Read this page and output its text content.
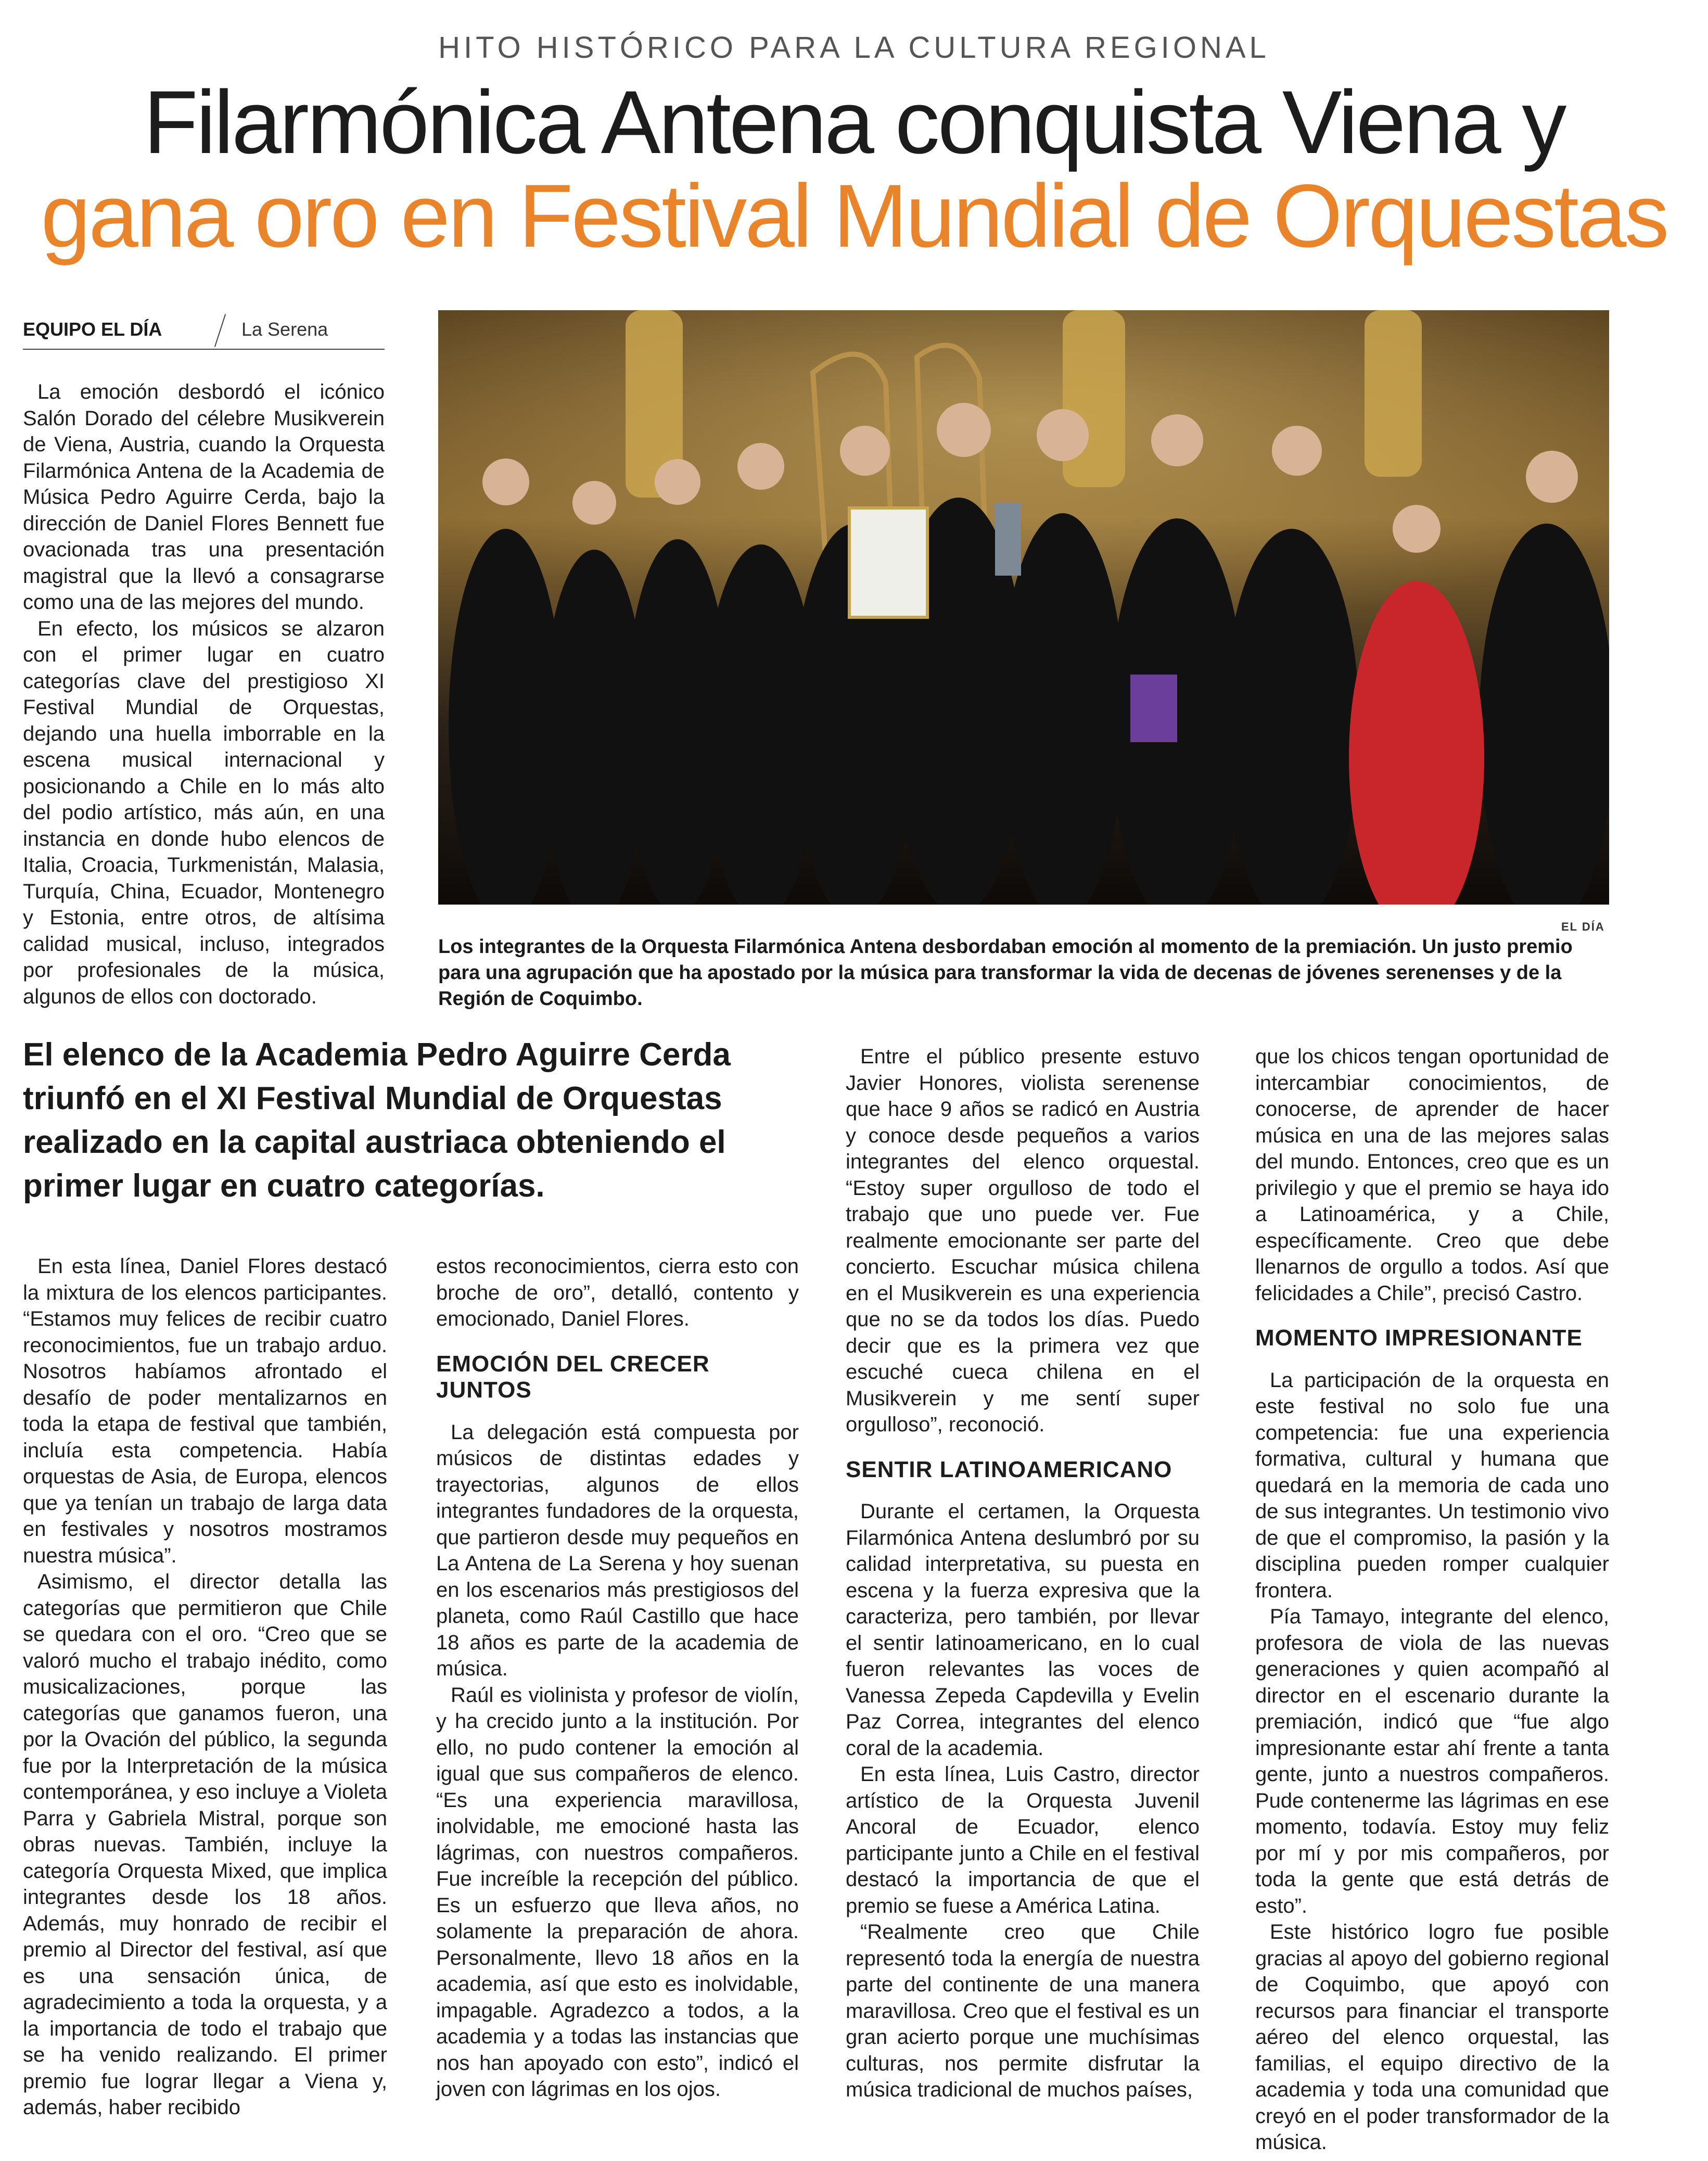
HITO HISTÓRICO PARA LA CULTURA REGIONAL
Filarmónica Antena conquista Viena y
gana oro en Festival Mundial de Orquestas
EQUIPO EL DÍA	La Serena

La emoción desbordó el icónico Salón Dorado del célebre Musikverein de Viena, Austria, cuando la Orquesta Filarmónica Antena de la Academia de Música Pedro Aguirre Cerda, bajo la dirección de Daniel Flores Bennett fue ovacionada tras una presentación magistral que la llevó a consagrarse como una de las mejores del mundo.

En efecto, los músicos se alzaron con el primer lugar en cuatro categorías clave del prestigioso XI Festival Mundial de Orquestas, dejando una huella imborrable en la escena musical internacional y posicionando a Chile en lo más alto del podio artístico, más aún, en una instancia en donde hubo elencos de Italia, Croacia, Turkmenistán, Malasia, Turquía, China, Ecuador, Montenegro y Estonia, entre otros, de altísima calidad musical, incluso, integrados por profesionales de la música, algunos de ellos con doctorado.

EL DÍA
Los integrantes de la Orquesta Filarmónica Antena desbordaban emoción al momento de la premiación. Un justo premio para una agrupación que ha apostado por la música para transformar la vida de decenas de jóvenes serenenses y de la Región de Coquimbo.
El elenco de la Academia Pedro Aguirre Cerda triunfó en el XI Festival Mundial de Orquestas realizado en la capital austriaca obteniendo el primer lugar en cuatro categorías.

En esta línea, Daniel Flores destacó la mixtura de los elencos participantes. “Estamos muy felices de recibir cuatro reconocimientos, fue un trabajo arduo. Nosotros habíamos afrontado el desafío de poder mentalizarnos en toda la etapa de festival que también, incluía esta competencia. Había orquestas de Asia, de Europa, elencos que ya tenían un trabajo de larga data en festivales y nosotros mostramos nuestra música”.

Asimismo, el director detalla las categorías que permitieron que Chile se quedara con el oro. “Creo que se valoró mucho el trabajo inédito, como musicalizaciones, porque las categorías que ganamos fueron, una por la Ovación del público, la segunda fue por la Interpretación de la música contemporánea, y eso incluye a Violeta Parra y Gabriela Mistral, porque son obras nuevas. También, incluye la categoría Orquesta Mixed, que implica integrantes desde los 18 años. Además, muy honrado de recibir el premio al Director del festival, así que es una sensación única, de agradecimiento a toda la orquesta, y a la importancia de todo el trabajo que se ha venido realizando. El primer premio fue lograr llegar a Viena y, además, haber recibido

estos reconocimientos, cierra esto con broche de oro”, detalló, contento y emocionado, Daniel Flores.

EMOCIÓN DEL CRECER JUNTOS

La delegación está compuesta por músicos de distintas edades y trayectorias, algunos de ellos integrantes fundadores de la orquesta, que partieron desde muy pequeños en La Antena de La Serena y hoy suenan en los escenarios más prestigiosos del planeta, como Raúl Castillo que hace 18 años es parte de la academia de música.

Raúl es violinista y profesor de violín, y ha crecido junto a la institución. Por ello, no pudo contener la emoción al igual que sus compañeros de elenco. “Es una experiencia maravillosa, inolvidable, me emocioné hasta las lágrimas, con nuestros compañeros. Fue increíble la recepción del público. Es un esfuerzo que lleva años, no solamente la preparación de ahora. Personalmente, llevo 18 años en la academia, así que esto es inolvidable, impagable. Agradezco a todos, a la academia y a todas las instancias que nos han apoyado con esto”, indicó el joven con lágrimas en los ojos.

Entre el público presente estuvo Javier Honores, violista serenense que hace 9 años se radicó en Austria y conoce desde pequeños a varios integrantes del elenco orquestal. “Estoy super orgulloso de todo el trabajo que uno puede ver. Fue realmente emocionante ser parte del concierto. Escuchar música chilena en el Musikverein es una experiencia que no se da todos los días. Puedo decir que es la primera vez que escuché cueca chilena en el Musikverein y me sentí super orgulloso”, reconoció.

SENTIR LATINOAMERICANO

Durante el certamen, la Orquesta Filarmónica Antena deslumbró por su calidad interpretativa, su puesta en escena y la fuerza expresiva que la caracteriza, pero también, por llevar el sentir latinoamericano, en lo cual fueron relevantes las voces de Vanessa Zepeda Capdevilla y Evelin Paz Correa, integrantes del elenco coral de la academia.

En esta línea, Luis Castro, director artístico de la Orquesta Juvenil Ancoral de Ecuador, elenco participante junto a Chile en el festival destacó la importancia de que el premio se fuese a América Latina.

“Realmente creo que Chile representó toda la energía de nuestra parte del continente de una manera maravillosa. Creo que el festival es un gran acierto porque une muchísimas culturas, nos permite disfrutar la música tradicional de muchos países,

que los chicos tengan oportunidad de intercambiar conocimientos, de conocerse, de aprender de hacer música en una de las mejores salas del mundo. Entonces, creo que es un privilegio y que el premio se haya ido a Latinoamérica, y a Chile, específicamente. Creo que debe llenarnos de orgullo a todos. Así que felicidades a Chile”, precisó Castro.

MOMENTO IMPRESIONANTE

La participación de la orquesta en este festival no solo fue una competencia: fue una experiencia formativa, cultural y humana que quedará en la memoria de cada uno de sus integrantes. Un testimonio vivo de que el compromiso, la pasión y la disciplina pueden romper cualquier frontera.

Pía Tamayo, integrante del elenco, profesora de viola de las nuevas generaciones y quien acompañó al director en el escenario durante la premiación, indicó que “fue algo impresionante estar ahí frente a tanta gente, junto a nuestros compañeros. Pude contenerme las lágrimas en ese momento, todavía. Estoy muy feliz por mí y por mis compañeros, por toda la gente que está detrás de esto”.

Este histórico logro fue posible gracias al apoyo del gobierno regional de Coquimbo, que apoyó con recursos para financiar el transporte aéreo del elenco orquestal, las familias, el equipo directivo de la academia y toda una comunidad que creyó en el poder transformador de la música.
